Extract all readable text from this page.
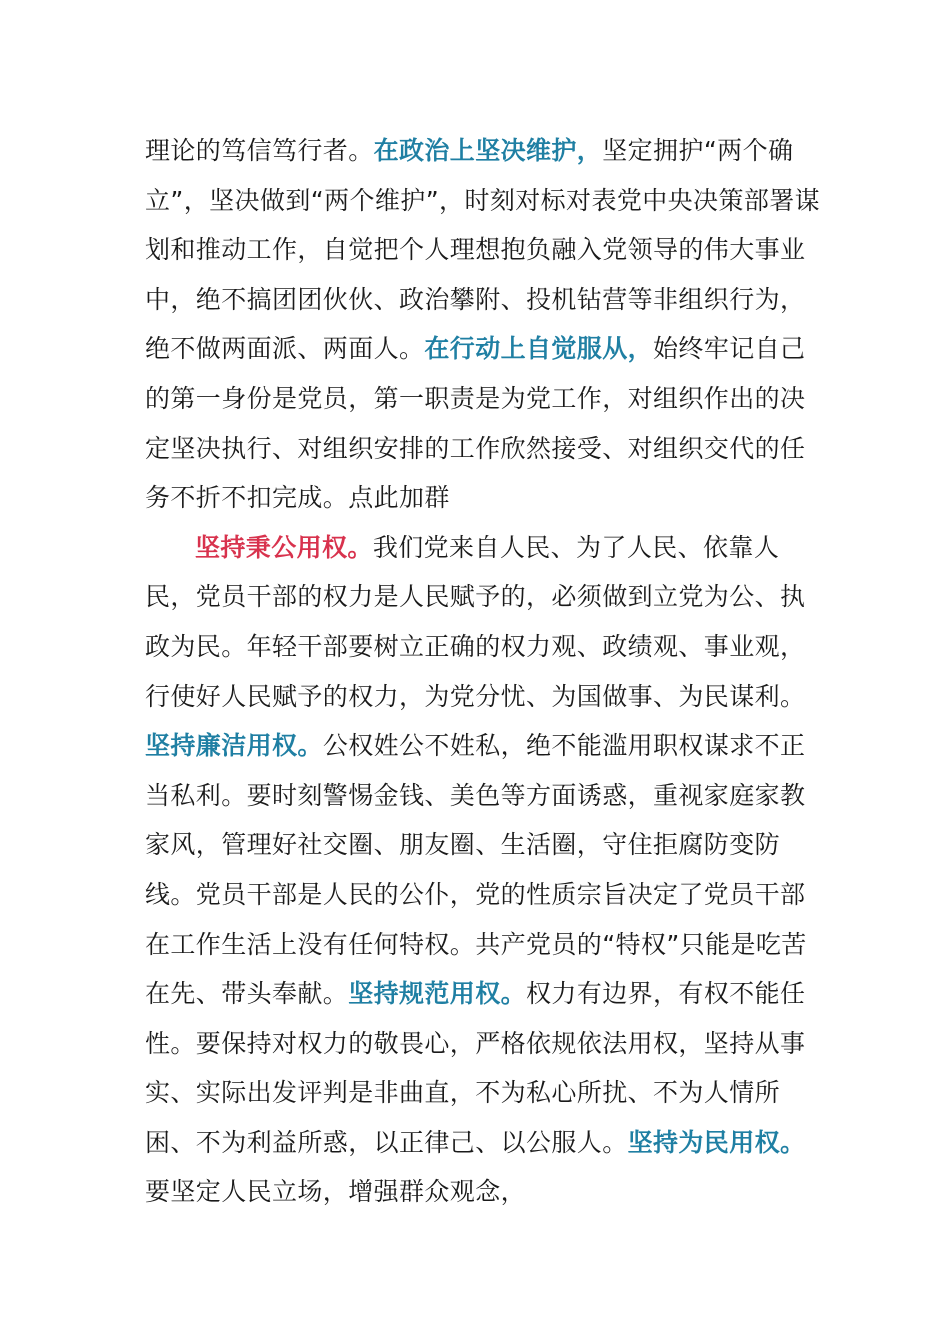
理论的笃信笃行者。在政治上坚决维护，坚定拥护“两个确立”，坚决做到“两个维护”，时刻对标对表党中央决策部署谋划和推动工作，自觉把个人理想抱负融入党领导的伟大事业中，绝不搞团团伙伙、政治攀附、投机钻营等非组织行为，绝不做两面派、两面人。在行动上自觉服从，始终牢记自己的第一身份是党员，第一职责是为党工作，对组织作出的决定坚决执行、对组织安排的工作欣然接受、对组织交代的任务不折不扣完成。点此加群

坚持秉公用权。我们党来自人民、为了人民、依靠人民，党员干部的权力是人民赋予的，必须做到立党为公、执政为民。年轻干部要树立正确的权力观、政绩观、事业观，行使好人民赋予的权力，为党分忧、为国做事、为民谋利。坚持廉洁用权。公权姓公不姓私，绝不能滥用职权谋求不正当私利。要时刻警惕金钱、美色等方面诱惑，重视家庭家教家风，管理好社交圈、朋友圈、生活圈，守住拒腐防变防线。党员干部是人民的公仆，党的性质宗旨决定了党员干部在工作生活上没有任何特权。共产党员的“特权”只能是吃苦在先、带头奉献。坚持规范用权。权力有边界，有权不能任性。要保持对权力的敬畏心，严格依规依法用权，坚持从事实、实际出发评判是非曲直，不为私心所扰、不为人情所困、不为利益所惑，以正律己、以公服人。坚持为民用权。要坚定人民立场，增强群众观念，
